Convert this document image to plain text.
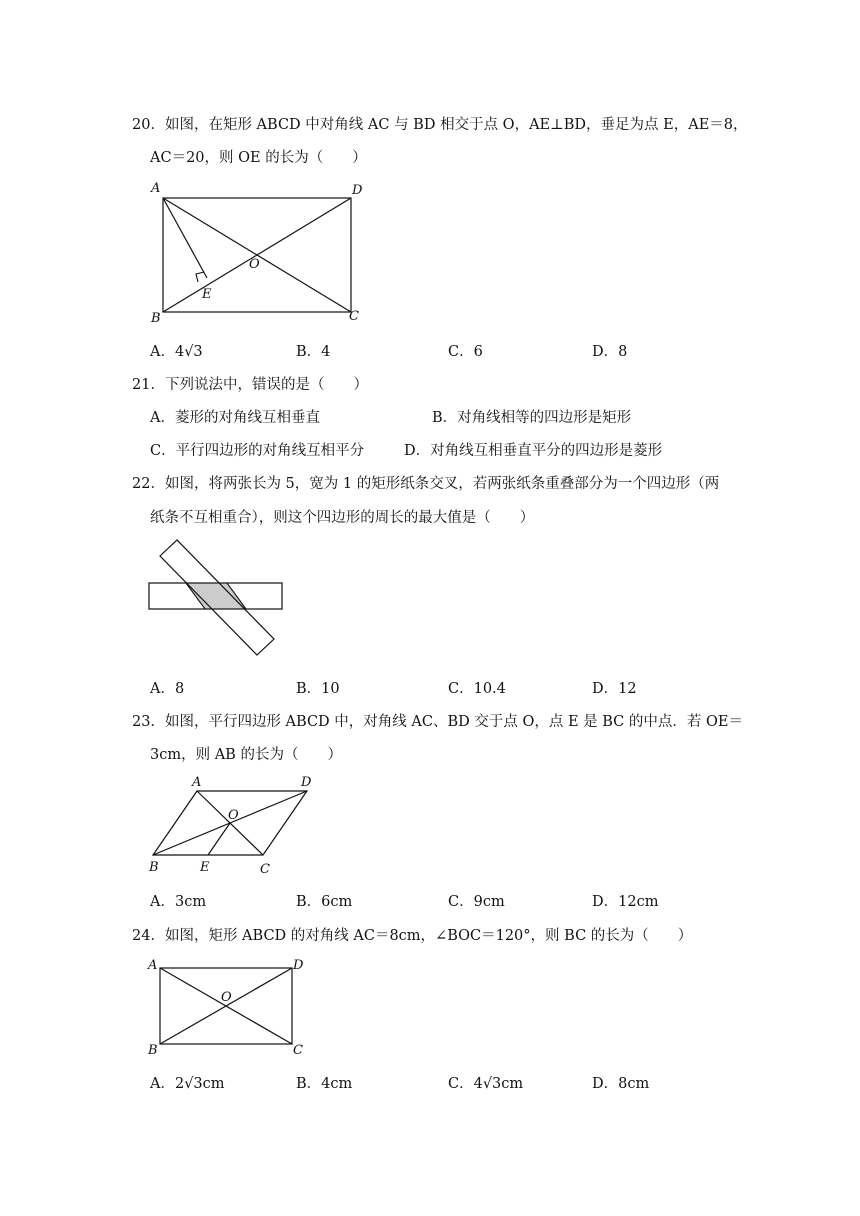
20．如图，在矩形 ABCD 中对角线 AC 与 BD 相交于点 O，AE⊥BD，垂足为点 E，AE＝8，
AC＝20，则 OE 的长为（　　）
A	D
B	C
O
E
A．4√3	B．4	C．6	D．8
21．下列说法中，错误的是（　　）
A．菱形的对角线互相垂直	B．对角线相等的四边形是矩形
C．平行四边形的对角线互相平分	D．对角线互相垂直平分的四边形是菱形
22．如图，将两张长为 5，宽为 1 的矩形纸条交叉，若两张纸条重叠部分为一个四边形（两
纸条不互相重合），则这个四边形的周长的最大值是（　　）
A．8	B．10	C．10.4	D．12
23．如图，平行四边形 ABCD 中，对角线 AC、BD 交于点 O，点 E 是 BC 的中点．若 OE＝
3cm，则 AB 的长为（　　）
A	D
B	C
O
E
A．3cm	B．6cm	C．9cm	D．12cm
24．如图，矩形 ABCD 的对角线 AC＝8cm，∠BOC＝120°，则 BC 的长为（　　）
A	D
B	C
O
A．2√3cm	B．4cm	C．4√3cm	D．8cm
